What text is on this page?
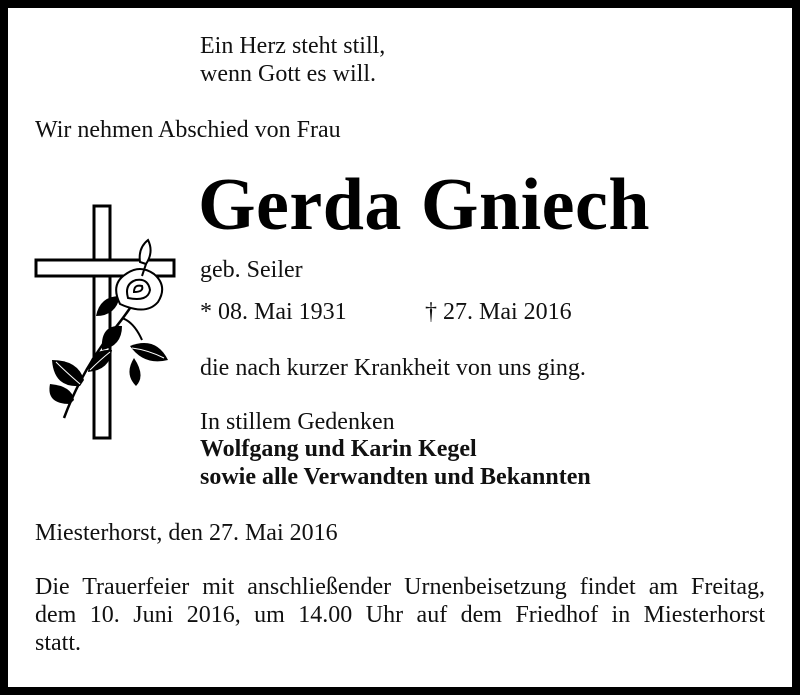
Ein Herz steht still,
wenn Gott es will.
Wir nehmen Abschied von Frau
Gerda Gniech
geb. Seiler
* 08. Mai 1931	† 27. Mai 2016
die nach kurzer Krankheit von uns ging.
In stillem Gedenken
Wolfgang und Karin Kegel
sowie alle Verwandten und Bekannten
Miesterhorst, den 27. Mai 2016
Die Trauerfeier mit anschließender Urnenbeisetzung findet am Freitag,
dem 10. Juni 2016, um 14.00 Uhr auf dem Friedhof in Miesterhorst
statt.
